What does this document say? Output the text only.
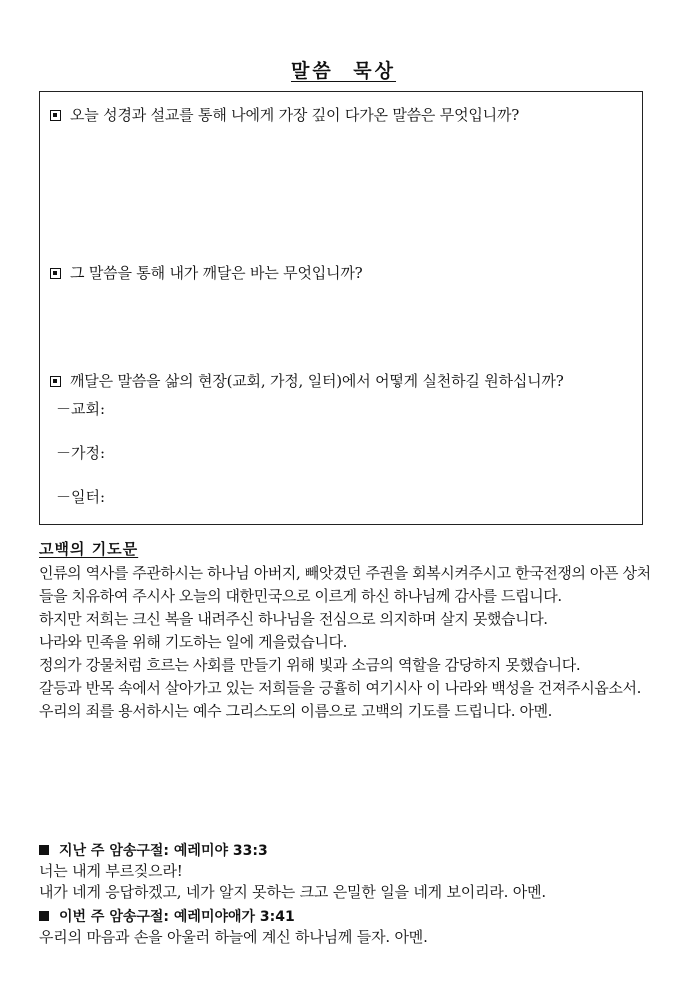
말씀 묵상
오늘 성경과 설교를 통해 나에게 가장 깊이 다가온 말씀은 무엇입니까?
그 말씀을 통해 내가 깨달은 바는 무엇입니까?
깨달은 말씀을 삶의 현장(교회, 가정, 일터)에서 어떻게 실천하길 원하십니까?
－교회:
－가정:
－일터:
고백의 기도문
인류의 역사를 주관하시는 하나님 아버지, 빼앗겼던 주권을 회복시켜주시고 한국전쟁의 아픈 상처
들을 치유하여 주시사 오늘의 대한민국으로 이르게 하신 하나님께 감사를 드립니다.
하지만 저희는 크신 복을 내려주신 하나님을 전심으로 의지하며 살지 못했습니다.
나라와 민족을 위해 기도하는 일에 게을렀습니다.
정의가 강물처럼 흐르는 사회를 만들기 위해 빛과 소금의 역할을 감당하지 못했습니다.
갈등과 반목 속에서 살아가고 있는 저희들을 긍휼히 여기시사 이 나라와 백성을 건져주시옵소서.
우리의 죄를 용서하시는 예수 그리스도의 이름으로 고백의 기도를 드립니다. 아멘.
지난 주 암송구절: 예레미야 33:3
너는 내게 부르짖으라!
내가 네게 응답하겠고, 네가 알지 못하는 크고 은밀한 일을 네게 보이리라. 아멘.
이번 주 암송구절: 예레미야애가 3:41
우리의 마음과 손을 아울러 하늘에 계신 하나님께 들자. 아멘.
